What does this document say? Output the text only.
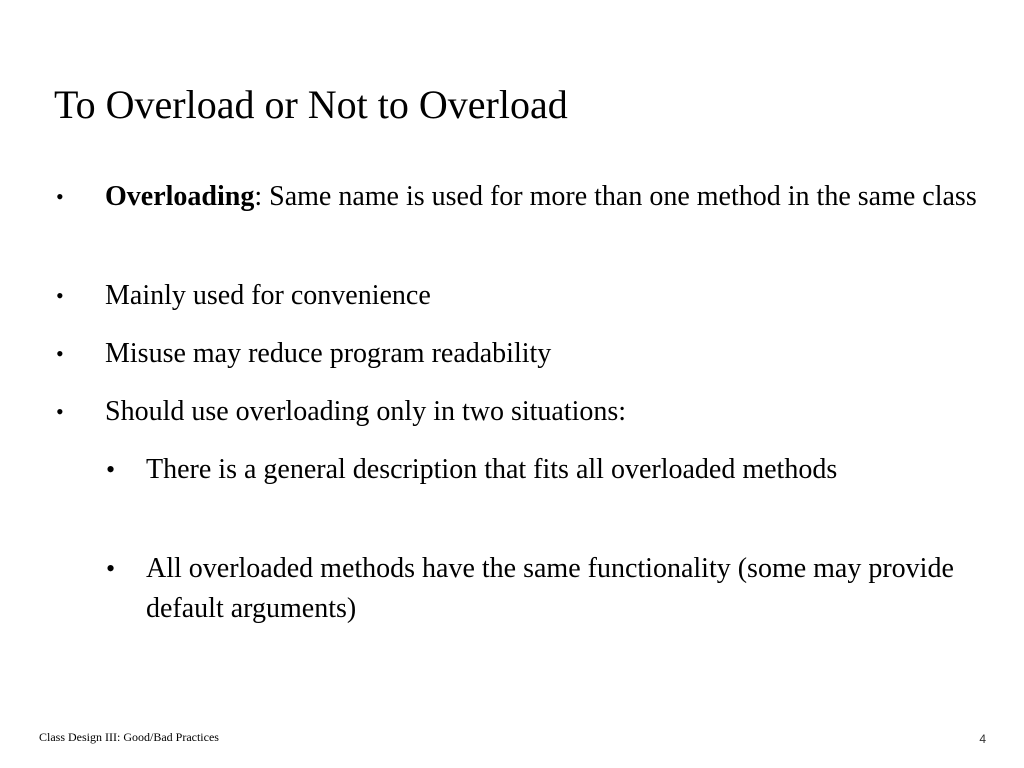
To Overload or Not to Overload
• Overloading: Same name is used for more than one method in the same class
• Mainly used for convenience
• Misuse may reduce program readability
• Should use overloading only in two situations:
• There is a general description that fits all overloaded methods
• All overloaded methods have the same functionality (some may provide default arguments)
Class Design III: Good/Bad Practices	4
